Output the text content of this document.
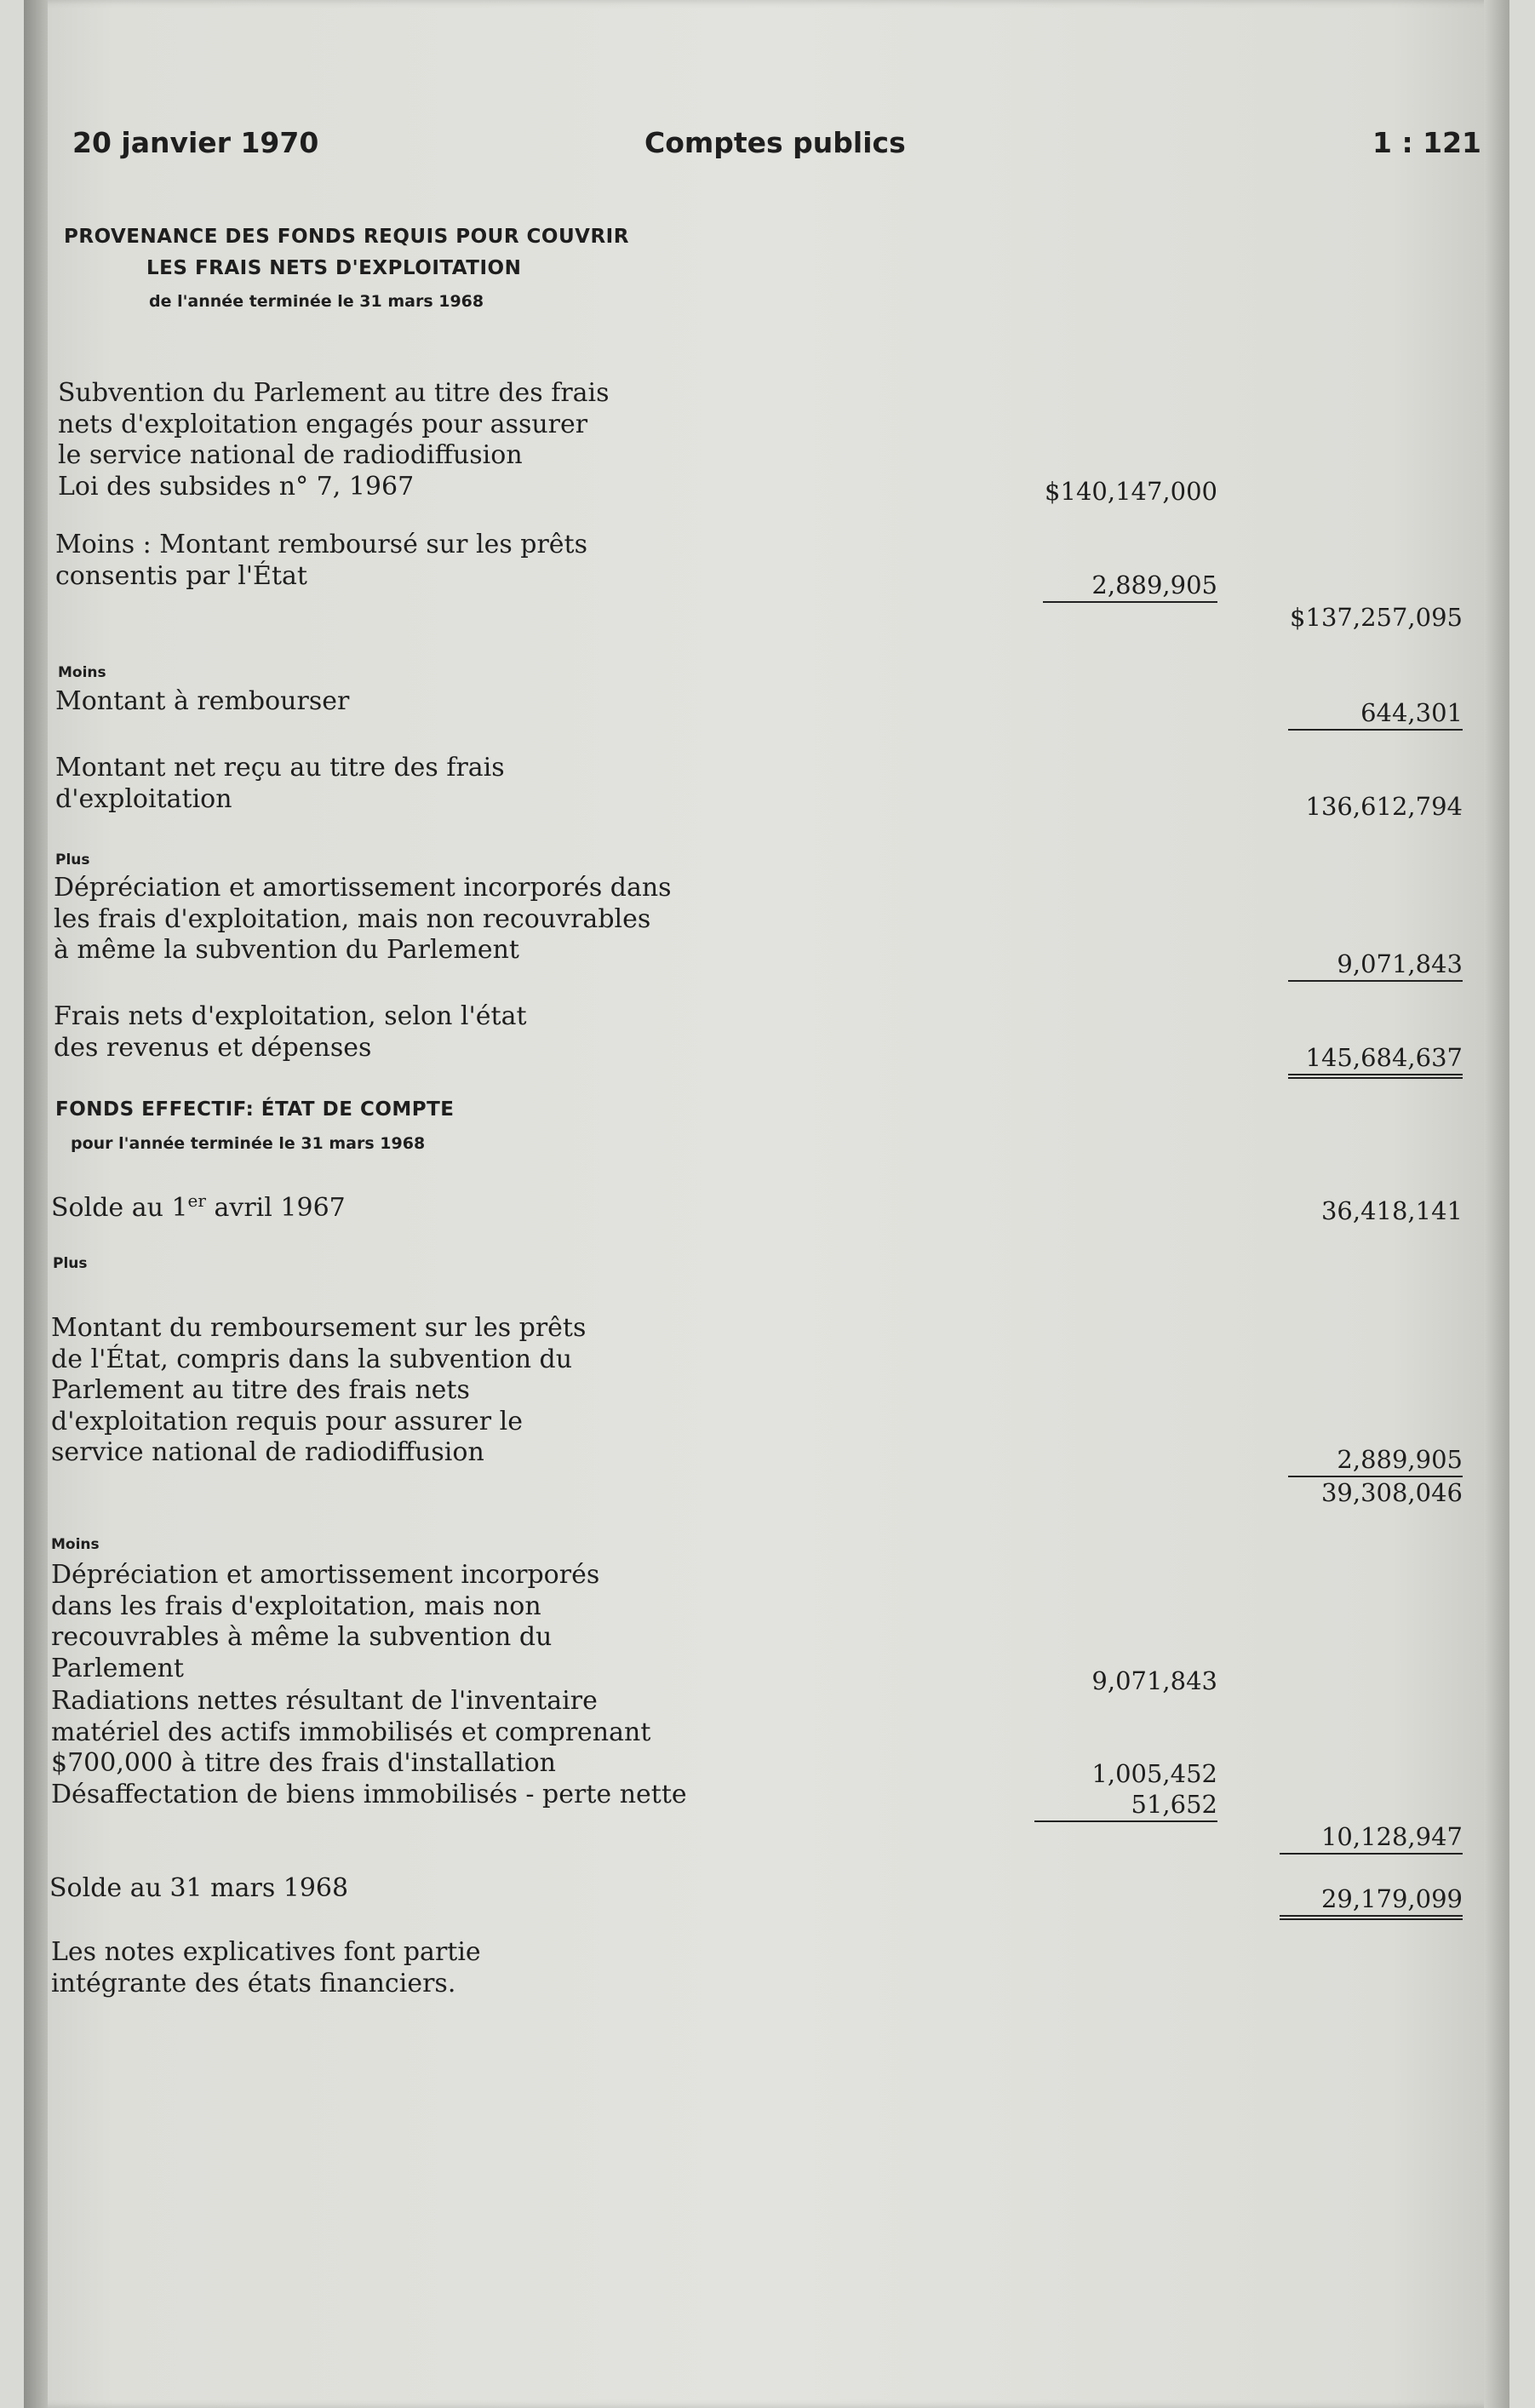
20 janvier 1970	Comptes publics	1 : 121
PROVENANCE DES FONDS REQUIS POUR COUVRIR
LES FRAIS NETS D'EXPLOITATION
de l'année terminée le 31 mars 1968
Subvention du Parlement au titre des frais
nets d'exploitation engagés pour assurer
le service national de radiodiffusion
Loi des subsides n° 7, 1967	$140,147,000
Moins : Montant remboursé sur les prêts
consentis par l'État	2,889,905
$137,257,095
Moins
Montant à rembourser	644,301
Montant net reçu au titre des frais
d'exploitation	136,612,794
Plus
Dépréciation et amortissement incorporés dans
les frais d'exploitation, mais non recouvrables
à même la subvention du Parlement	9,071,843
Frais nets d'exploitation, selon l'état
des revenus et dépenses	145,684,637
FONDS EFFECTIF: ÉTAT DE COMPTE
pour l'année terminée le 31 mars 1968
Solde au 1er avril 1967	36,418,141
Plus
Montant du remboursement sur les prêts
de l'État, compris dans la subvention du
Parlement au titre des frais nets
d'exploitation requis pour assurer le
service national de radiodiffusion	2,889,905
39,308,046
Moins
Dépréciation et amortissement incorporés
dans les frais d'exploitation, mais non
recouvrables à même la subvention du
Parlement	9,071,843
Radiations nettes résultant de l'inventaire
matériel des actifs immobilisés et comprenant
$700,000 à titre des frais d'installation	1,005,452
Désaffectation de biens immobilisés - perte nette	51,652
10,128,947
Solde au 31 mars 1968	29,179,099
Les notes explicatives font partie
intégrante des états financiers.
